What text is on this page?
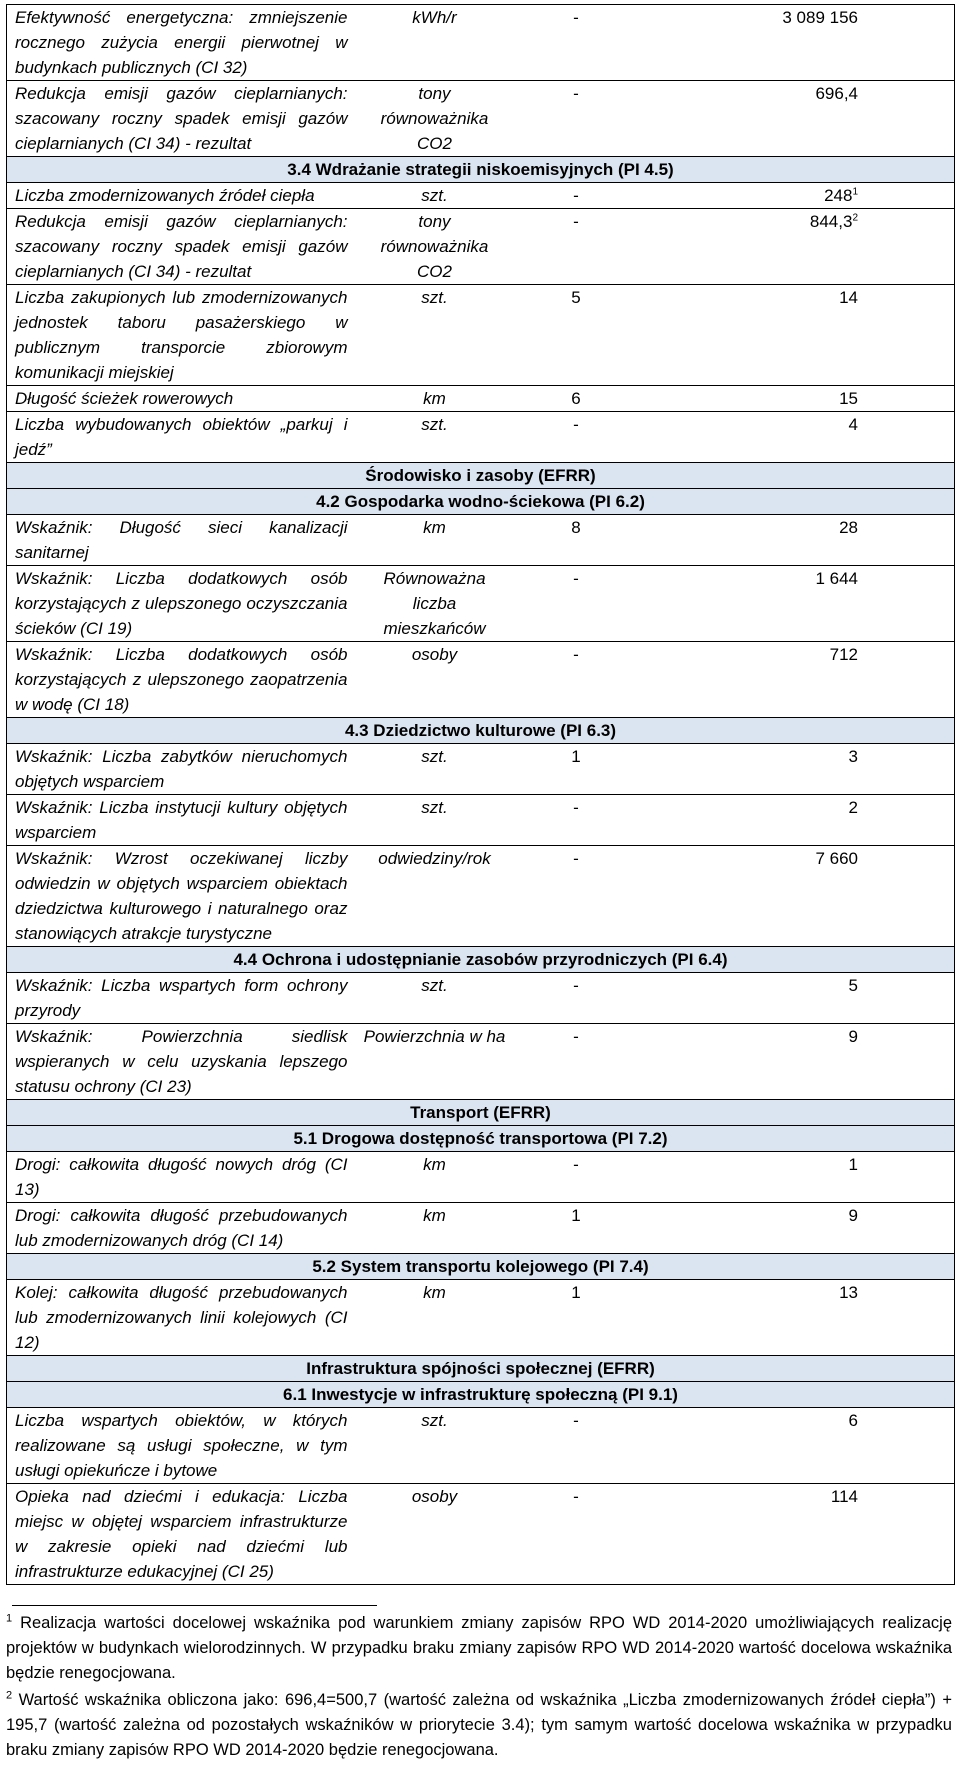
Efektywność energetyczna: zmniejszenie rocznego zużycia energii pierwotnej w budynkach publicznych (CI 32)	kWh/r	-	3 089 156
Redukcja emisji gazów cieplarnianych: szacowany roczny spadek emisji gazów cieplarnianych (CI 34) - rezultat	tony równoważnika CO2	-	696,4
3.4 Wdrażanie strategii niskoemisyjnych (PI 4.5)			
Liczba zmodernizowanych źródeł ciepła	szt.	-	$248^1$
Redukcja emisji gazów cieplarnianych: szacowany roczny spadek emisji gazów cieplarnianych (CI 34) - rezultat	tony równoważnika CO2	-	844,3$^2$
Liczba zakupionych lub zmodernizowanych jednostek taboru pasażerskiego w publicznym transporcie zbiorowym komunikacji miejskiej	szt.	5	14
Długość ścieżek rowerowych	km	6	15
Liczba wybudowanych obiektów „parkuj i jedź”	szt.	-	4
Środowisko i zasoby (EFRR)			
4.2 Gospodarka wodno-ściekowa (PI 6.2)			
Wskaźnik: Długość sieci kanalizacji sanitarnej	km	8	28
Wskaźnik: Liczba dodatkowych osób korzystających z ulepszonego oczyszczania ścieków (CI 19)	Równoważna liczba mieszkańców	-	1 644
Wskaźnik: Liczba dodatkowych osób korzystających z ulepszonego zaopatrzenia w wodę (CI 18)	osoby	-	712
4.3 Dziedzictwo kulturowe (PI 6.3)			
Wskaźnik: Liczba zabytków nieruchomych objętych wsparciem	szt.	1	3
Wskaźnik: Liczba instytucji kultury objętych wsparciem	szt.	-	2
Wskaźnik: Wzrost oczekiwanej liczby odwiedzin w objętych wsparciem obiektach dziedzictwa kulturowego i naturalnego oraz stanowiących atrakcje turystyczne	odwiedziny/rok	-	7 660
4.4 Ochrona i udostępnianie zasobów przyrodniczych (PI 6.4)			
Wskaźnik: Liczba wspartych form ochrony przyrody	szt.	-	5
Wskaźnik: Powierzchnia siedlisk wspieranych w celu uzyskania lepszego statusu ochrony (CI 23)	Powierzchnia w ha	-	9
Transport (EFRR)			
5.1 Drogowa dostępność transportowa (PI 7.2)			
Drogi: całkowita długość nowych dróg (CI 13)	km	-	1
Drogi: całkowita długość przebudowanych lub zmodernizowanych dróg (CI 14)	km	1	9
5.2 System transportu kolejowego (PI 7.4)			
Kolej: całkowita długość przebudowanych lub zmodernizowanych linii kolejowych (CI 12)	km	1	13
Infrastruktura spójności społecznej (EFRR)			
6.1 Inwestycje w infrastrukturę społeczną (PI 9.1)			
Liczba wspartych obiektów, w których realizowane są usługi społeczne, w tym usługi opiekuńcze i bytowe	szt.	-	6
Opieka nad dziećmi i edukacja: Liczba miejsc w objętej wsparciem infrastrukturze w zakresie opieki nad dziećmi lub infrastrukturze edukacyjnej (CI 25)	osoby	-	114

$^1$ Realizacja wartości docelowej wskaźnika pod warunkiem zmiany zapisów RPO WD 2014-2020 umożliwiających realizację projektów w budynkach wielorodzinnych. W przypadku braku zmiany zapisów RPO WD 2014-2020 wartość docelowa wskaźnika będzie renegocjowana.

$^2$ Wartość wskaźnika obliczona jako: 696,4=500,7 (wartość zależna od wskaźnika „Liczba zmodernizowanych źródeł ciepła”) + 195,7 (wartość zależna od pozostałych wskaźników w priorytecie 3.4); tym samym wartość docelowa wskaźnika w przypadku braku zmiany zapisów RPO WD 2014-2020 będzie renegocjowana.
